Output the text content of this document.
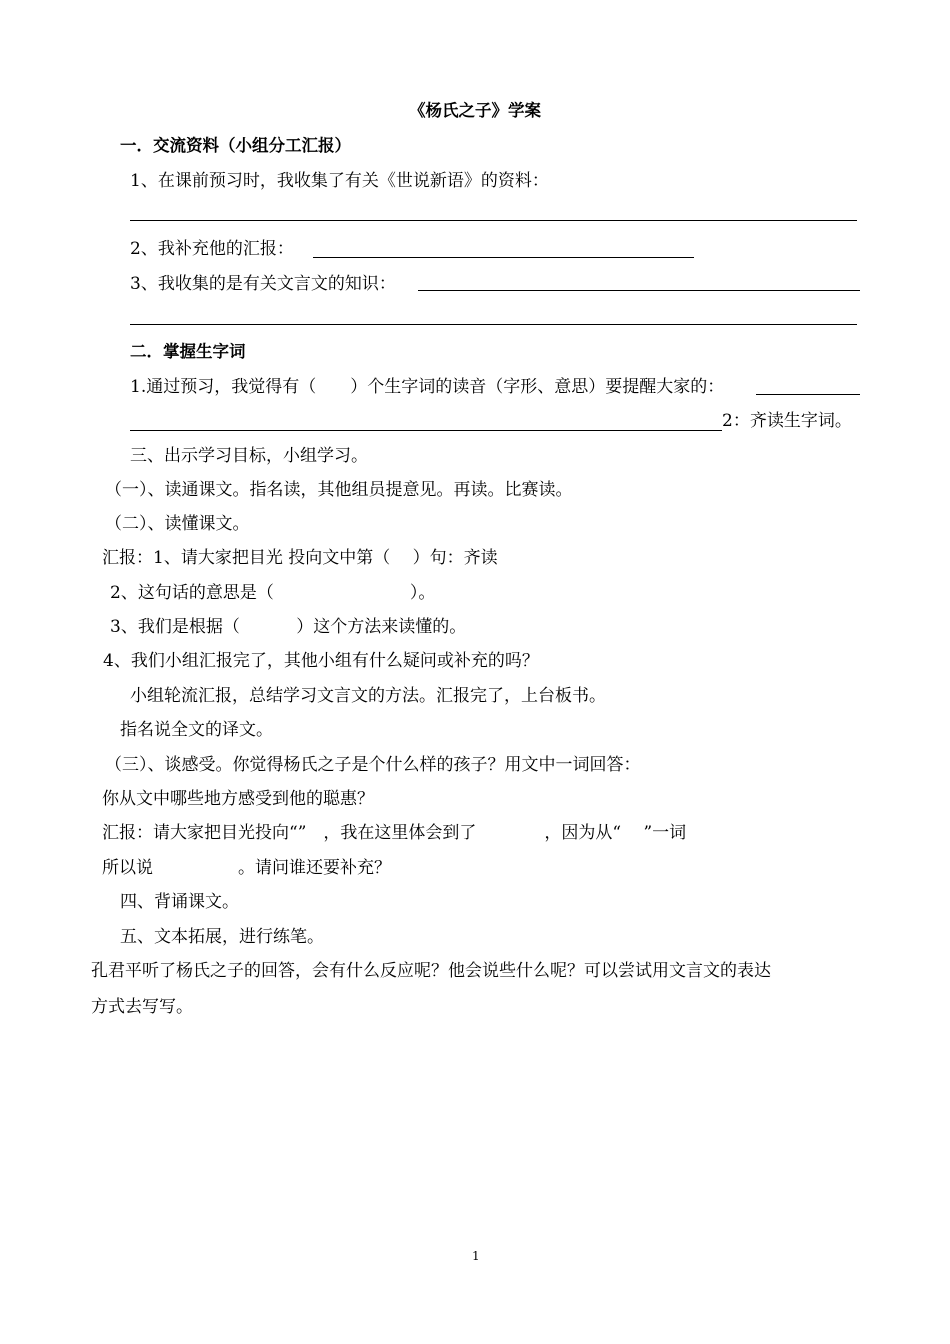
《杨氏之子》学案
一．交流资料（小组分工汇报）
1、在课前预习时，我收集了有关《世说新语》的资料：
2、我补充他的汇报：
3、我收集的是有关文言文的知识：
二．掌握生字词
1.通过预习，我觉得有（　　）个生字词的读音（字形、意思）要提醒大家的：
2：齐读生字词。
三、出示学习目标，小组学习。
（一）、读通课文。指名读，其他组员提意见。再读。比赛读。
（二）、读懂课文。
汇报：1、请大家把目光 投向文中第（　 ）句：齐读
2、这句话的意思是（　　　　　　　　）。
3、我们是根据（　　　 ）这个方法来读懂的。
4、我们小组汇报完了，其他小组有什么疑问或补充的吗？
小组轮流汇报，总结学习文言文的方法。汇报完了，上台板书。
指名说全文的译文。
（三）、谈感受。你觉得杨氏之子是个什么样的孩子？用文中一词回答：
你从文中哪些地方感受到他的聪惠？
汇报：请大家把目光投向“”　，我在这里体会到了　　　　，因为从“　 ”一词
所以说　　　　　。请问谁还要补充？
四、背诵课文。
五、文本拓展，进行练笔。
孔君平听了杨氏之子的回答，会有什么反应呢？他会说些什么呢？可以尝试用文言文的表达
方式去写写。
1
